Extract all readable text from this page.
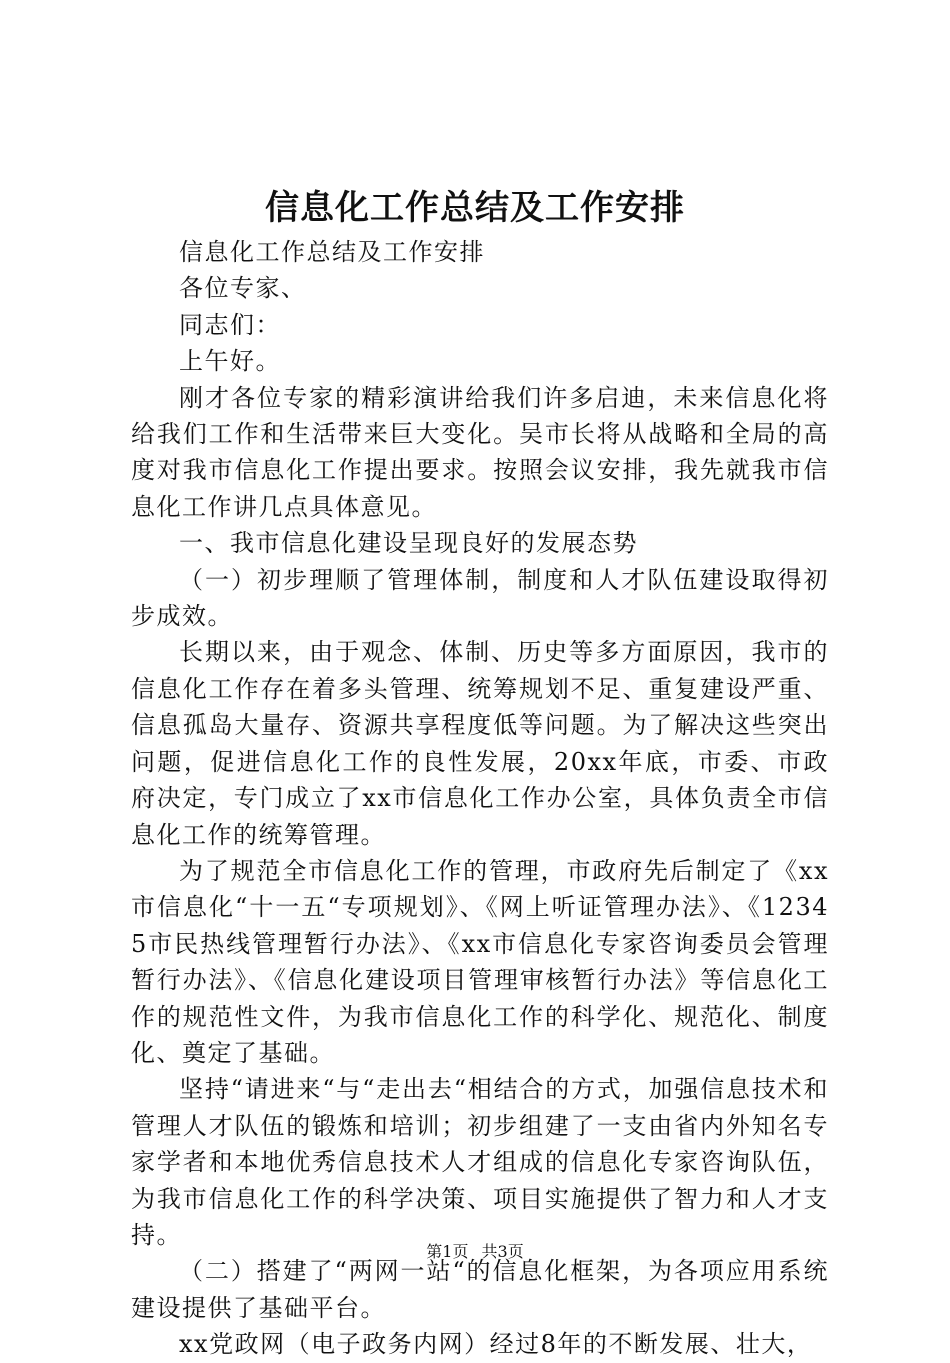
信息化工作总结及工作安排

信息化工作总结及工作安排

各位专家、

同志们：

上午好。

刚才各位专家的精彩演讲给我们许多启迪，未来信息化将给我们工作和生活带来巨大变化。吴市长将从战略和全局的高度对我市信息化工作提出要求。按照会议安排，我先就我市信息化工作讲几点具体意见。

一、我市信息化建设呈现良好的发展态势

（一）初步理顺了管理体制，制度和人才队伍建设取得初步成效。

长期以来，由于观念、体制、历史等多方面原因，我市的信息化工作存在着多头管理、统筹规划不足、重复建设严重、信息孤岛大量存、资源共享程度低等问题。为了解决这些突出问题，促进信息化工作的良性发展，20xx年底，市委、市政府决定，专门成立了xx市信息化工作办公室，具体负责全市信息化工作的统筹管理。

为了规范全市信息化工作的管理，市政府先后制定了《xx市信息化“十一五“专项规划》、《网上听证管理办法》、《12345市民热线管理暂行办法》、《xx市信息化专家咨询委员会管理暂行办法》、《信息化建设项目管理审核暂行办法》等信息化工作的规范性文件，为我市信息化工作的科学化、规范化、制度化、奠定了基础。

坚持“请进来“与“走出去“相结合的方式，加强信息技术和管理人才队伍的锻炼和培训；初步组建了一支由省内外知名专家学者和本地优秀信息技术人才组成的信息化专家咨询队伍，为我市信息化工作的科学决策、项目实施提供了智力和人才支持。

（二）搭建了“两网一站“的信息化框架，为各项应用系统建设提供了基础平台。

xx党政网（电子政务内网）经过8年的不断发展、壮大，

第1页 共3页
